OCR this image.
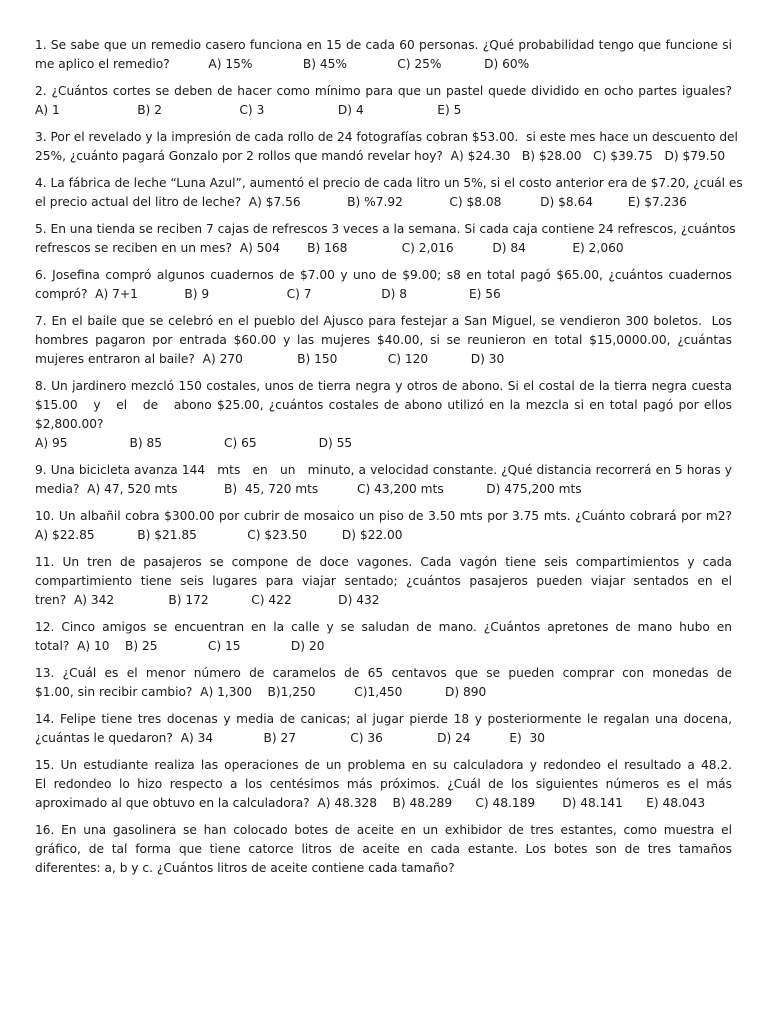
1. Se sabe que un remedio casero funciona en 15 de cada 60 personas. ¿Qué probabilidad tengo que funcione si
me aplico el remedio?          A) 15%             B) 45%             C) 25%           D) 60%
2. ¿Cuántos cortes se deben de hacer como mínimo para que un pastel quede dividido en ocho partes iguales?
A) 1                    B) 2                    C) 3                   D) 4                   E) 5
3. Por el revelado y la impresión de cada rollo de 24 fotografías cobran $53.00.  si este mes hace un descuento del
25%, ¿cuánto pagará Gonzalo por 2 rollos que mandó revelar hoy?  A) $24.30   B) $28.00   C) $39.75   D) $79.50
4. La fábrica de leche “Luna Azul”, aumentó el precio de cada litro un 5%, si el costo anterior era de $7.20, ¿cuál es
el precio actual del litro de leche?  A) $7.56            B) %7.92            C) $8.08          D) $8.64         E) $7.236
5. En una tienda se reciben 7 cajas de refrescos 3 veces a la semana. Si cada caja contiene 24 refrescos, ¿cuántos
refrescos se reciben en un mes?  A) 504       B) 168              C) 2,016          D) 84            E) 2,060
6. Josefina compró algunos cuadernos de $7.00 y uno de $9.00; s8 en total pagó $65.00, ¿cuántos cuadernos
compró?  A) 7+1            B) 9                    C) 7                  D) 8                E) 56
7. En el baile que se celebró en el pueblo del Ajusco para festejar a San Miguel, se vendieron 300 boletos.  Los
hombres pagaron por entrada $60.00 y las mujeres $40.00, si se reunieron en total $15,0000.00, ¿cuántas
mujeres entraron al baile?  A) 270              B) 150             C) 120           D) 30
8. Un jardinero mezcló 150 costales, unos de tierra negra y otros de abono. Si el costal de la tierra negra cuesta
$15.00   y   el   de   abono $25.00, ¿cuántos costales de abono utilizó en la mezcla si en total pagó por ellos
$2,800.00?
A) 95                B) 85                C) 65                D) 55
9. Una bicicleta avanza 144   mts   en   un   minuto, a velocidad constante. ¿Qué distancia recorrerá en 5 horas y
media?  A) 47, 520 mts            B)  45, 720 mts          C) 43,200 mts           D) 475,200 mts
10. Un albañil cobra $300.00 por cubrir de mosaico un piso de 3.50 mts por 3.75 mts. ¿Cuánto cobrará por m2?
A) $22.85           B) $21.85             C) $23.50         D) $22.00
11. Un tren de pasajeros se compone de doce vagones. Cada vagón tiene seis compartimientos y cada
compartimiento tiene seis lugares para viajar sentado; ¿cuántos pasajeros pueden viajar sentados en el
tren?  A) 342              B) 172           C) 422            D) 432
12. Cinco amigos se encuentran en la calle y se saludan de mano. ¿Cuántos apretones de mano hubo en
total?  A) 10    B) 25             C) 15             D) 20
13. ¿Cuál es el menor número de caramelos de 65 centavos que se pueden comprar con monedas de
$1.00, sin recibir cambio?  A) 1,300    B)1,250          C)1,450           D) 890
14. Felipe tiene tres docenas y media de canicas; al jugar pierde 18 y posteriormente le regalan una docena,
¿cuántas le quedaron?  A) 34             B) 27              C) 36              D) 24          E)  30
15. Un estudiante realiza las operaciones de un problema en su calculadora y redondeo el resultado a 48.2.
El redondeo lo hizo respecto a los centésimos más próximos. ¿Cuál de los siguientes números es el más
aproximado al que obtuvo en la calculadora?  A) 48.328    B) 48.289      C) 48.189       D) 48.141      E) 48.043
16. En una gasolinera se han colocado botes de aceite en un exhibidor de tres estantes, como muestra el
gráfico, de tal forma que tiene catorce litros de aceite en cada estante. Los botes son de tres tamaños
diferentes: a, b y c. ¿Cuántos litros de aceite contiene cada tamaño?
